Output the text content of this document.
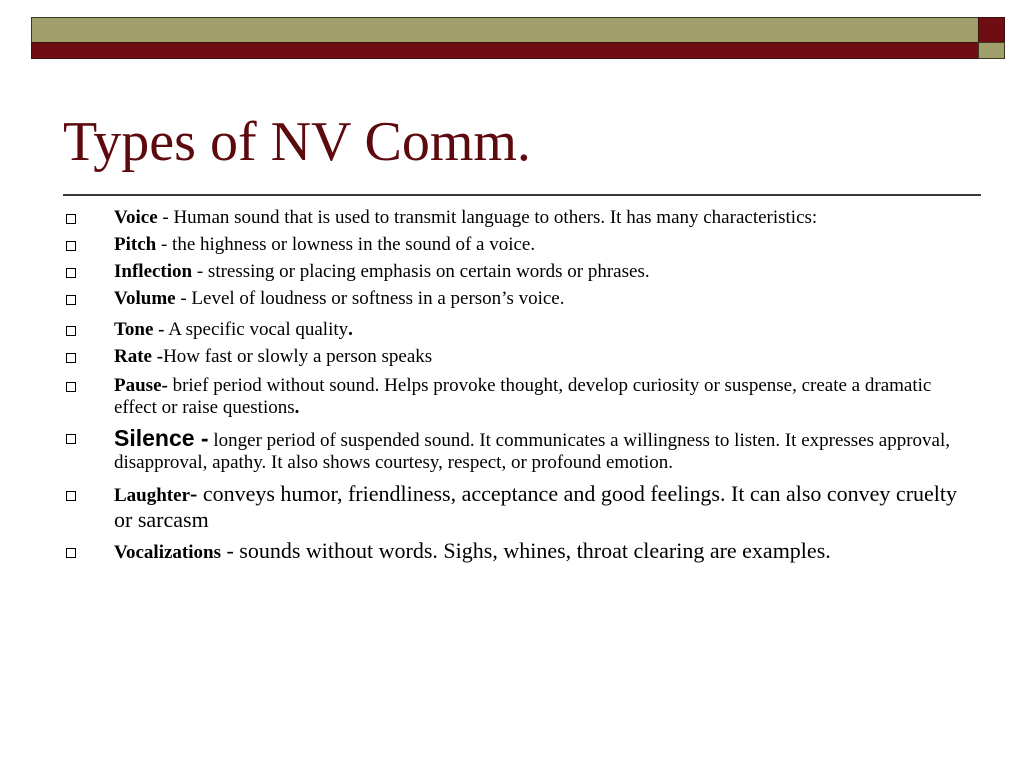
Types of NV Comm.
Voice - Human sound that is used to transmit language to others. It has many characteristics:
Pitch - the highness or lowness in the sound of a voice.
Inflection - stressing or placing emphasis on certain words or phrases.
Volume - Level of loudness or softness in a person’s voice.
Tone - A specific vocal quality.
Rate -How fast or slowly a person speaks
Pause- brief period without sound. Helps provoke thought, develop curiosity or suspense, create a dramatic effect or raise questions.
Silence - longer period of suspended sound. It communicates a willingness to listen. It expresses approval, disapproval, apathy. It also shows courtesy, respect, or profound emotion.
Laughter- conveys humor, friendliness, acceptance and good feelings. It can also convey cruelty or sarcasm
Vocalizations - sounds without words. Sighs, whines, throat clearing are examples.
